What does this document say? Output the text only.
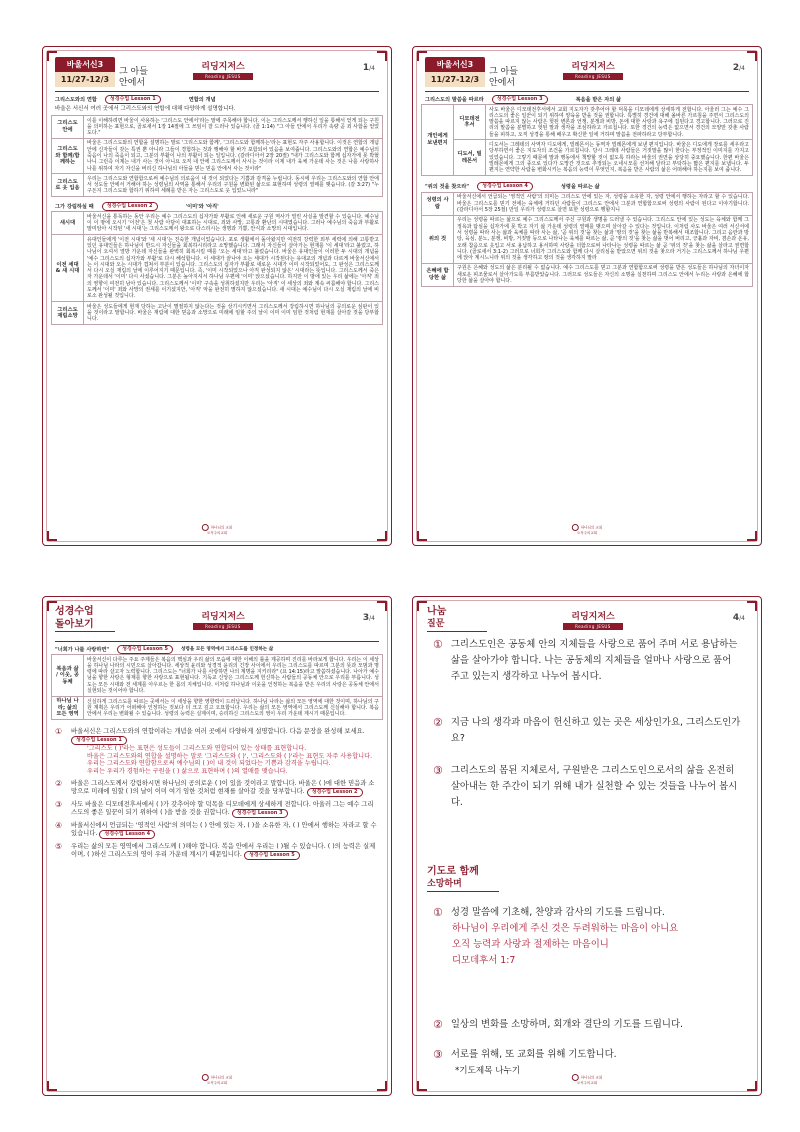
바울서신3
11/27-12/3
그 아들
안에서
리딩지저스
Reading JESUS
1/4
그리스도와의 연합	성경수업 Lesson 1	연합의 개념
바울은 서신서 여러 곳에서 그리스도와의 연합에 대해 다양하게 설명합니다.
그리스도 안에	이를 이해하려면 바울이 사용하는 '그리스도 안에서'라는 말에 주목해야 합니다. 이는 그리스도께서 행하신 일을 통해서 얻게 되는 구원을 의미하는 표현으로, 골로새서 1장 14절에 그 쓰임이 잘 드러나 있습니다. (골 1:14) "그 아들 안에서 우리가 속량 곧 죄 사함을 얻었도다."
그리스도와 함께/함께하는	바울은 그리스도와의 연합을 설명하는 말로 '그리스도와 함께', '그리스도와 함께하는'라는 표현도 자주 사용합니다. 이것은 연합의 개념 안에 신자들이 갖는 특권 뿐 아니라 그들이 경험하는 것과 행해야 할 바가 포함되어 있음을 보여줍니다. 그리스도와의 연합은 예수님의 죽음이 나의 죽음이 되고, 그분의 부활이 나의 부활이 되는 일입니다. (갈라디아서 2장 20절) "내가 그리스도와 함께 십자가에 못 박혔나니 그런즉 이제는 내가 사는 것이 아니요 오직 내 안에 그리스도께서 사시는 것이라 이제 내가 육체 가운데 사는 것은 나를 사랑하사 나를 위하여 자기 자신을 버리신 하나님의 아들을 믿는 믿음 안에서 사는 것이라"
그리스도로 옷 입음	우리는 그리스도와 연합함으로써 예수님의 의로움이 내 것이 되었다는 기쁨과 감격을 누립니다. 동시에 우리는 그리스도와의 연합 안에서 성도들 안에서 거해야 하는 성령님의 사역을 통해서 우리의 구원을 변화된 삶으로 표현하며 성령의 열매를 맺습니다. (갈 3:27) "누구든지 그리스도와 합하기 위하여 세례를 받은 자는 그리스도로 옷 입었느니라"
그가 강림하실 때	성경수업 Lesson 2	'이미'와 '아직'
새시대	바울서신을 통독하는 동안 우리는 예수 그리스도의 십자가와 부활로 인해 새로운 구원 역사가 열린 사실을 발견할 수 있습니다. 예수님이 이 땅에 오시기 '이전'은 첫 사람 아담이 대표하는 시대로, 죄와 사망, 고통과 환난의 시대였습니다. 그러나 예수님의 죽음과 부활로 말미암아 시작된 '새 시대'는 그리스도께서 왕으로 다스리시는 생명과 기쁨, 안식과 소망의 시대입니다.
이전 세대 & 새 시대	유대인들에게 '이전 시대'와 '새 시대'는 친숙한 개념이었습니다. 포로 생활에서 돌아왔지만 여전히 강력한 외부 세력에 의해 고통받고 있던 유대인들은 하나님이 반드시 자신들을 회복하시리라고 소망했습니다. 그래서 자신들이 살아가는 현재를 '이 세대'라고 불렀고, 하나님이 오셔서 열방 가운데 자신들을 완벽히 회복시킬 때를 '오는 세대'라고 불렀습니다. 바울은 유대인들이 이러한 두 시대의 개념을 '예수 그리스도의 십자가와 부활'로 다시 해석합니다. 이 세대가 끝나야 오는 세대가 시작된다는 유대교의 개념과 다르게 바울서신에서는 이 시대와 오는 시대가 겹쳐서 부분이 있습니다. 그리스도의 십자가 부활로 새로운 시대가 이미 시작되었어도, 그 완성은 그리스도께서 다시 오실 재림의 날에 이루어지기 때문입니다. 즉, '이미 시작되었으나 아직 완성되지 않은' 시대라는 뜻입니다. 그리스도께서 죽은 자 가운데서 '이미' 다시 사셨습니다. 그분은 높아지셔서 하나님 우편에 '이미' 앉으셨습니다. 하지만 이 땅에 있는 우리 삶에는 '아직' 죄의 영향이 여전히 남아 있습니다. 그리스도께서 '이미' 구속을 성취하셨지만 우리는 '아직' 이 세상의 죄와 계속 씨름해야 합니다. 그리스도께서 '이미' 죄와 사망의 권세를 이기셨지만, '아직' 악을 완전히 멸하지 않으셨습니다. 새 시대는 예수님이 다시 오실 재림의 날에 비로소 완성될 것입니다.
그리스도 재림소망	바울은 성도들에게 현재 당하는 고난이 멸절하지 않는다는 것을 상기시키면서 그리스도께서 강림하시면 하나님의 공의로운 심판이 있을 것이라고 말합니다. 바울은 재림에 대한 믿음과 소망으로 미래에 임할 주의 날이 이미 이미 임한 것처럼 현재를 살아갈 것을 당부합니다.
하나님의 교회
오직주의교회
바울서신3
11/27-12/3
그 아들
안에서
리딩지저스
Reading JESUS
2/4
그리스도의 말씀을 따르라	성경수업 Lesson 3	복음을 받은 자의 삶
개인에게 보낸편지	디모데전후서	사도 바울은 디모데전후서에서 교회 지도자가 갖추어야 할 덕목을 디모데에게 상세하게 전합니다. 아울러 그는 예수 그리스도의 좋은 일꾼이 되기 위하여 양육을 받을 것을 권합니다. 특별히 경건에 대해 올바른 가르침을 주면서 그리스도의 말씀을 따르지 않는 사람은 헛된 변론과 언쟁, 분쟁과 비방, 돈에 대한 사랑과 욕구에 집된다고 경고합니다. 그러므로 진리의 말씀을 분별하고 헛된 말과 생각을 조심하라고 가르칩니다. 또한 경건의 능력은 없으면서 경건의 모양만 갖춘 사람들을 피하고, 오직 성경을 통해 배우고 확신한 일에 거하며 말씀을 전파하라고 당부합니다.
	디도서, 빌레몬서	디도서는 그레데의 사역자 디도에게, 빌레몬서는 동역자 빌레몬에게 보낸 편지입니다. 바울은 디도에게 장로를 세우라고 당부하면서 좋은 지도자의 조건을 가르칩니다. 당시 그레데 사람들은 거짓말을 많이 한다는 부정적인 이미지를 가지고 있었습니다. 그렇기 때문에 말과 행동에서 책망할 것이 없도록 하라는 바울의 권면을 상당히 중요했습니다. 한편 바울은 빌레몬에게 그의 종으로 있다가 도망간 것으로 추정되는 오네시모를 선처해 달라고 부탁하는 짧은 편지를 보냅니다. 두 편지는 연약한 사람을 변화시키는 복음의 능력이 무엇인지, 복음을 받은 사람의 삶은 어떠해야 하는지를 보여 줍니다.
"위의 것을 찾으라"	성경수업 Lesson 4	성령을 따르는 삶
성령의 사람	바울서신에서 언급되는 '영적인 사람'의 의미는 그리스도 안에 있는 자, 성령을 소유한 자, 성령 안에서 행하는 자라고 할 수 있습니다. 바울은 그리스도를 믿기 전에는 육체에 거하던 사람들이 그리스도 안에서 그분과 연합함으로써 성령의 사람이 된다고 이야기합니다. (갈라디아서 5장 25절) 만일 우리가 성령으로 살면 또한 성령으로 행할지니
위의 것	우리는 성령을 따르는 삶으로 예수 그리스도께서 주신 구원과 생명을 드러낼 수 있습니다. 그리스도 안에 있는 성도는 육체와 함께 그 정욕과 탐심을 십자가에 못 박고 자기 삶 가운데 성령의 열매를 맺으며 살아갈 수 있다는 것입니다. 이처럼 사도 바울은 여러 서신서에서 성령을 따라 사는 삶과 육체를 따라 사는 삶, '곧 위의 것'을 찾는 삶과 '땅의 것'을 찾는 삶을 반복해서 대조합니다. 그리고 음란과 방탕, 육심, 분노, 분쟁, 비방, 거짓말 등으로 나타나는 육체를 따르는 삶, 곧 '땅의 것'을 찾는 삶을 벗어 버리고, 긍휼과 자비, 겸손과 온유, 오래 참음으로 옷입고 서로 용납하고 용서하며 사랑을 더함으로써 나타나는 성령을 따르는 삶 곧 '위의 것'을 찾는 삶을 살라고 권면합니다. (골로새서 3:1-2) 그러므로 너희가 그리스도와 함께 다시 살리심을 받았으면 위의 것을 찾으라 거기는 그리스도께서 하나님 우편에 앉아 계시느니라 위의 것을 생각하고 땅의 것을 생각하지 말라
은혜에 합당한 삶	구원은 은혜와 성도의 삶은 분리될 수 없습니다. 예수 그리스도를 믿고 그분과 연합함으로써 성령을 받은 성도들은 하나님의 자녀이자 새로운 피조물로서 살아가도록 부름받았습니다. 그러므로 성도들은 자신의 소명을 실천하며 그리스도 안에서 누리는 사랑과 은혜에 합당한 삶을 살아야 합니다.
하나님의 교회
오직주의교회
성경수업
돌아보기
리딩지저스
Reading JESUS
3/4
"너희가 나를 사랑하면"	성경수업 Lesson 5	성령을 모든 영역에서 그리스도를 인정하는 삶
복음과 삶 / 이웃, 공동체	바울서신이 다루는 주요 주제들은 복음의 핵심과 우리 삶의 모습에 대한 이해의 틀을 제공하며 진리를 바라보게 합니다. 우리는 이 세상을 하나님 나라의 시민으로 살아갑니다. 세상적 윤리와 성경적 윤리의 긴장 사이에서 우리는 그리스도를 따르며 그분의 뜻과 모범과 명령에 따라 살고자 노력합니다. 그리스도는 "너희가 나를 사랑하면 나의 계명을 지키리라" (요 14:15)라고 말씀하셨습니다. 나아가 예수님을 향한 사랑은 형제를 향한 사랑으로 표현됩니다. 기독교 신앙은 그리스도께 헌신하는 사람들의 공동체 안으로 우리를 부릅니다. 성도는 모든 시대와 전 세계를 아우르는 한 몸의 지체입니다. 이처럼 하나님과 이웃을 인정하는 복음을 받은 우리의 사랑은 공동체 안에서 실현되는 것이어야 합니다.
하나님 나라; 삶의 모든 영역	신실하게 그리스도를 따르는 곳에서는 이 세상을 향한 영향력이 드러납니다. 하나님 나라는 삶의 모든 영역에 대한 것이며, 하나님의 구원 계획은 우리가 어떠해야 인정하는 것보다 더 크고 깊고 오묘합니다. 우리는 삶의 모든 영역에서 그리스도께 신실해야 합니다. 복음 안에서 우리는 변화될 수 있습니다. 성령의 능력은 실제이며, 승리하신 그리스도의 영이 우리 가운데 계시기 때문입니다.
①	바울서신은 그리스도와의 연합이라는 개념을 여러 곳에서 다양하게 설명합니다. 다음 문장을 완성해 보세요. 성경수업 Lesson 1
'그리스도 ( )'라는 표현은 성도들이 그리스도와 연합되어 있는 상태를 표현합니다.
바울은 그리스도와의 연합을 설명하는 말로 '그리스도와 ( )', '그리스도와 ( )'라는 표현도 자주 사용합니다.
우리는 그리스도와 연합함으로써 예수님의 ( )이 내 것이 되었다는 기쁨과 감격을 누립니다.
우리는 우리가 경험하는 구원을 ( ) 삶으로 표현하며 ( )의 열매를 맺습니다.
②	바울은 그리스도께서 강림하시면 하나님의 공의로운 ( )이 있을 것이라고 말합니다. 바울은 ( )에 대한 믿음과 소망으로 미래에 임할 ( )의 날이 이미 여기 임한 것처럼 현재를 살아갈 것을 당부합니다. 성경수업 Lesson 2
③	사도 바울은 디모데전후서에서 ( )가 갖추어야 할 덕목을 디모데에게 상세하게 전합니다. 아울러 그는 예수 그리스도의 좋은 일꾼이 되기 위하여 ( )을 받을 것을 권합니다. 성경수업 Lesson 3
④	바울서신에서 언급되는 '영적인 사람'의 의미는 ( ) 안에 있는 자, ( )을 소유한 자, ( ) 안에서 행하는 자라고 할 수 있습니다. 성경수업 Lesson 4
⑤	우리는 삶의 모든 영역에서 그리스도께 ( )해야 합니다. 복음 안에서 우리는 ( )될 수 있습니다. ( )의 능력은 실제이며, ( )하신 그리스도의 영이 우리 가운데 계시기 때문입니다. 성경수업 Lesson 5
하나님의 교회
오직주의교회
나눔
질문
리딩지저스
Reading JESUS
4/4
① 그리스도인은 공동체 안의 지체들을 사랑으로 품어 주며 서로 용납하는 삶을 살아가야 합니다. 나는 공동체의 지체들을 얼마나 사랑으로 품어 주고 있는지 생각하고 나누어 봅시다.
② 지금 나의 생각과 마음이 헌신하고 있는 곳은 세상인가요, 그리스도인가요?
③ 그리스도의 몸된 지체로서, 구원받은 그리스도인으로서의 삶을 온전히 살아내는 한 주간이 되기 위해 내가 실천할 수 있는 것들을 나누어 봅시다.
기도로 함께
소망하며
① 성경 말씀에 기초해, 찬양과 감사의 기도를 드립니다.
하나님이 우리에게 주신 것은 두려워하는 마음이 아니요
오직 능력과 사랑과 절제하는 마음이니
디모데후서 1:7
② 일상의 변화를 소망하며, 회개와 결단의 기도를 드립니다.
③ 서로를 위해, 또 교회를 위해 기도합니다.
*기도제목 나누기
하나님의 교회
오직주의교회
